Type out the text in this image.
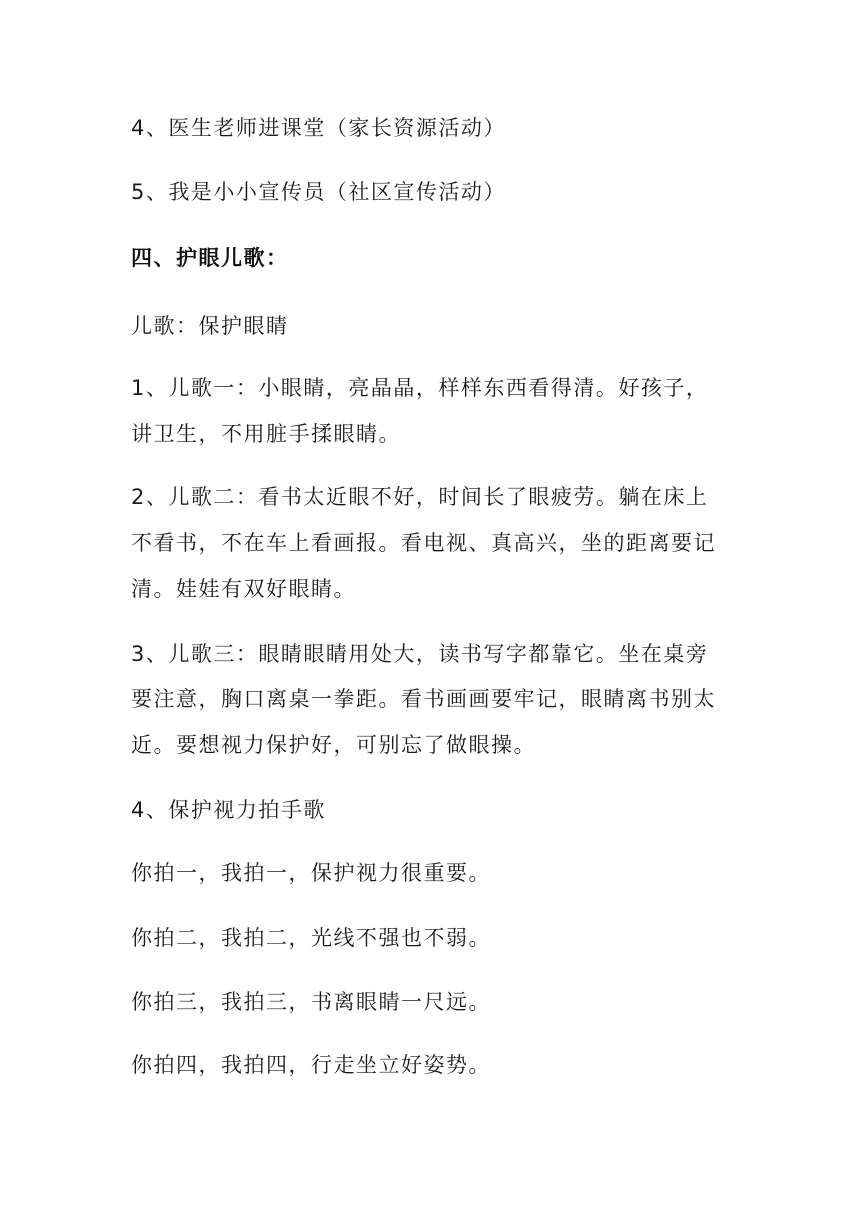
4、医生老师进课堂（家长资源活动）
5、我是小小宣传员（社区宣传活动）
四、护眼儿歌：
儿歌：保护眼睛
1、儿歌一：小眼睛，亮晶晶，样样东西看得清。好孩子，
讲卫生，不用脏手揉眼睛。
2、儿歌二：看书太近眼不好，时间长了眼疲劳。躺在床上
不看书，不在车上看画报。看电视、真高兴，坐的距离要记
清。娃娃有双好眼睛。
3、儿歌三：眼睛眼睛用处大，读书写字都靠它。坐在桌旁
要注意，胸口离桌一拳距。看书画画要牢记，眼睛离书别太
近。要想视力保护好，可别忘了做眼操。
4、保护视力拍手歌
你拍一，我拍一，保护视力很重要。
你拍二，我拍二，光线不强也不弱。
你拍三，我拍三，书离眼睛一尺远。
你拍四，我拍四，行走坐立好姿势。
